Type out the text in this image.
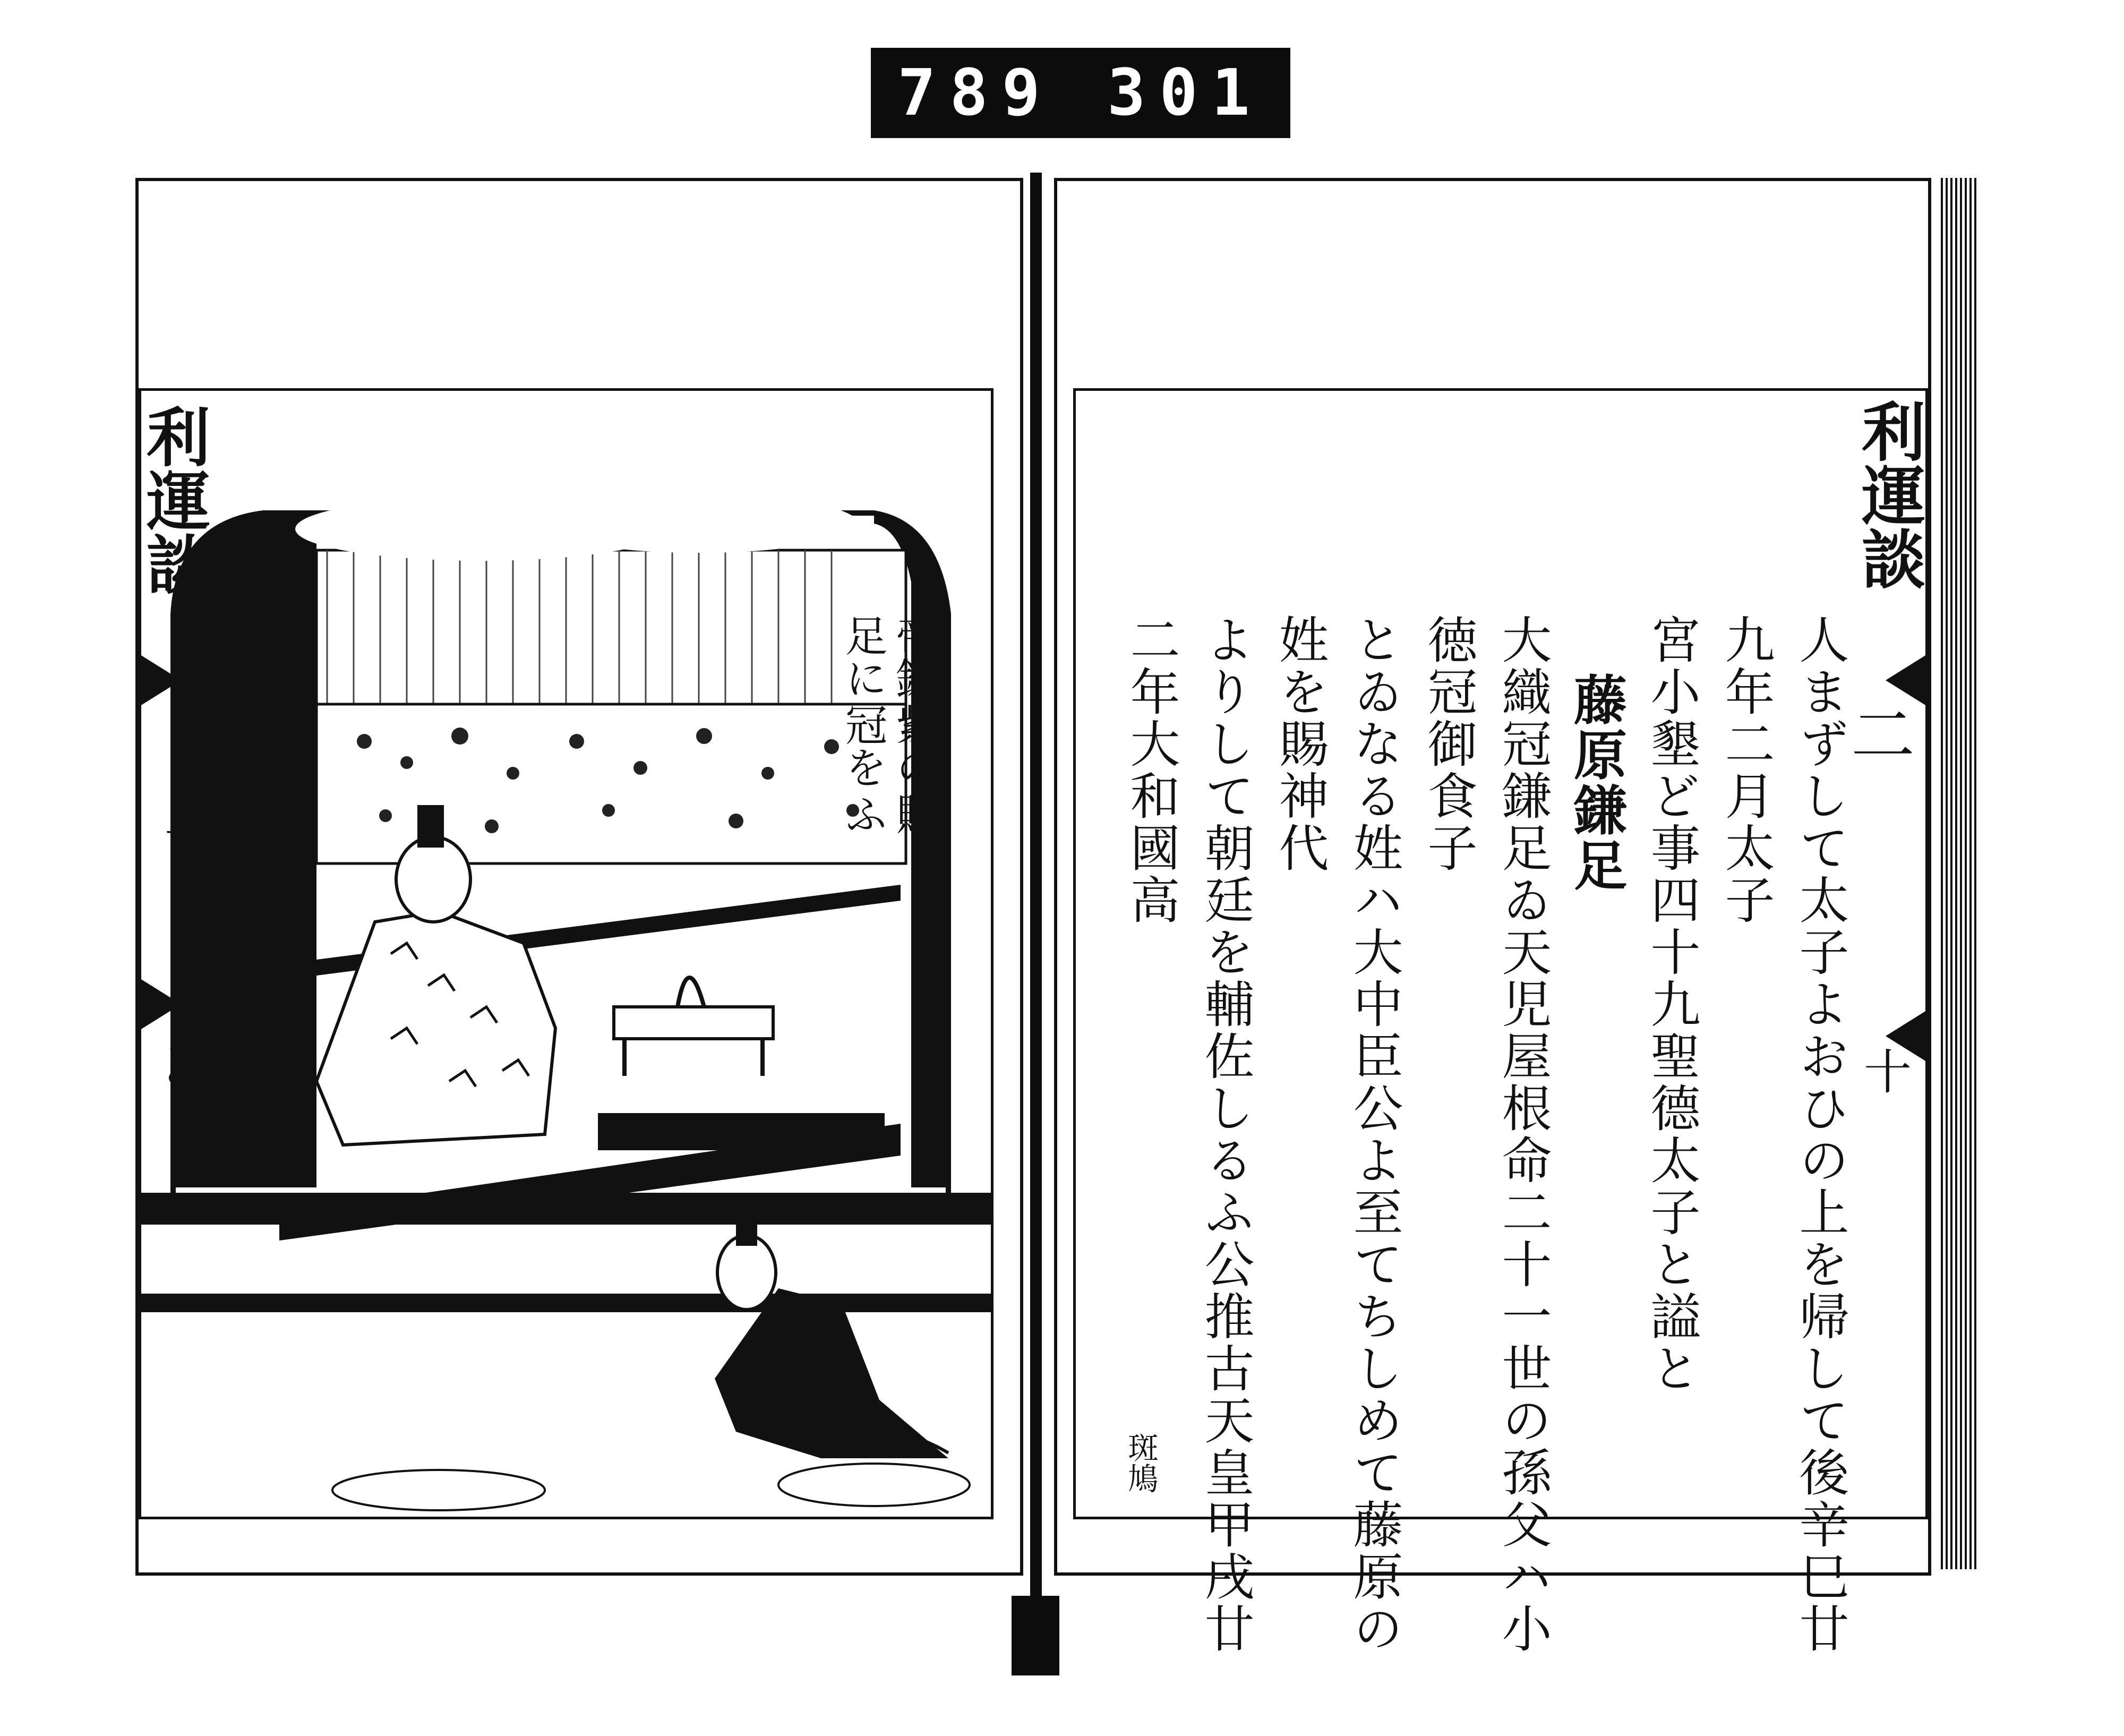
789 301
帝鎌足に
紫の冠を
賜ふ
利運談
二
乙	人まずして太子よおひの上を帰して後辛巳廿九年二月太子
宮小墾ど事四十九聖德太子と謚と
藤原鎌足
大織冠鎌足ゐ天児屋根命二十一世の孫父ハ小徳冠御食子
とゐなる姓ハ大中臣公よ至てちしめて藤原の姓を賜神代
よりして朝廷を輔佐しるふ公推古天皇甲戌廿二年大和國高
斑鳩
利運談
二
十
